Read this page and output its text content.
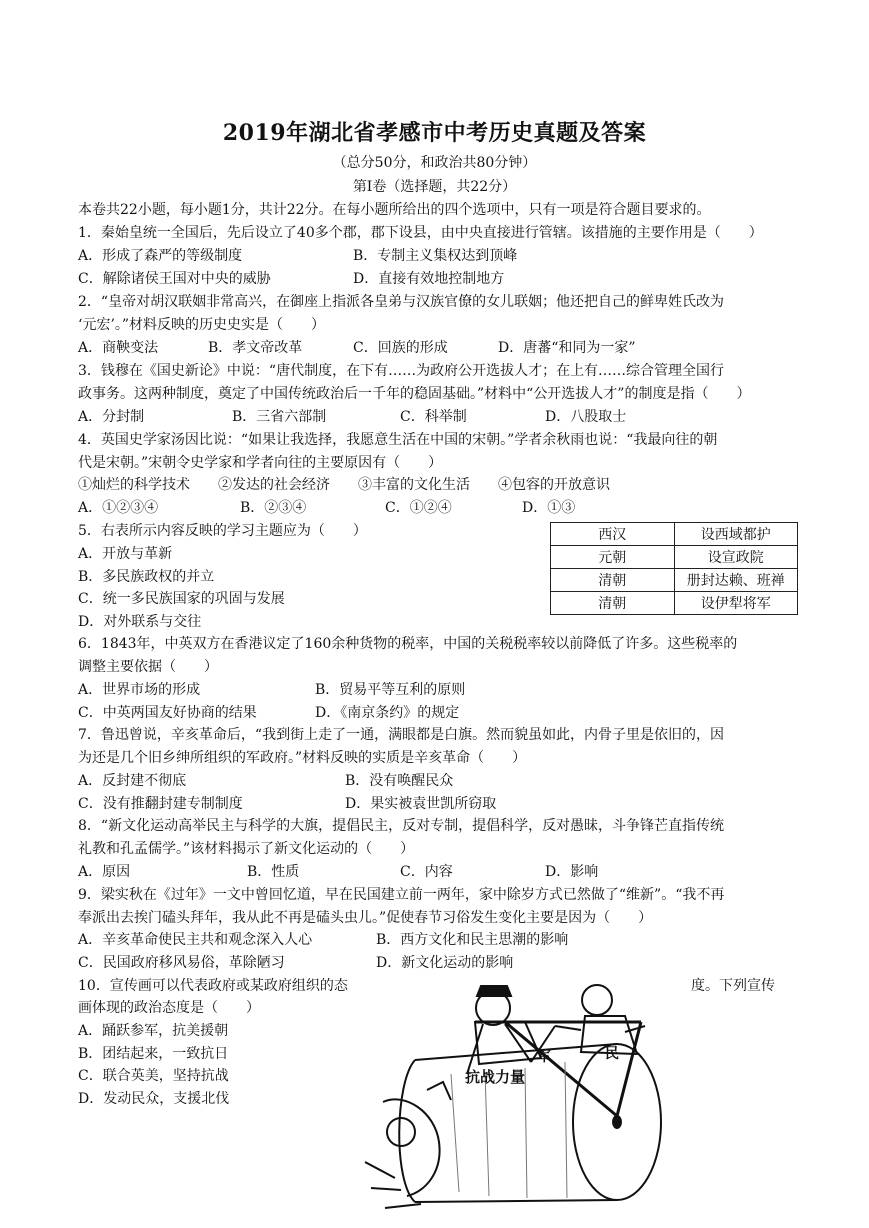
2019年湖北省孝感市中考历史真题及答案
（总分50分，和政治共80分钟）
第Ⅰ卷（选择题，共22分）
本卷共22小题，每小题1分，共计22分。在每小题所给出的四个选项中，只有一项是符合题目要求的。
1．秦始皇统一全国后，先后设立了40多个郡，郡下设县，由中央直接进行管辖。该措施的主要作用是（　　）
A．形成了森严的等级制度	B．专制主义集权达到顶峰
C．解除诸侯王国对中央的威胁	D．直接有效地控制地方
2．“皇帝对胡汉联姻非常高兴，在御座上指派各皇弟与汉族官僚的女儿联姻；他还把自己的鲜卑姓氏改为
‘元宏’。”材料反映的历史史实是（　　）
A．商鞅变法	B．孝文帝改革	C．回族的形成	D．唐蕃“和同为一家”
3．钱穆在《国史新论》中说：“唐代制度，在下有……为政府公开选拔人才；在上有……综合管理全国行
政事务。这两种制度，奠定了中国传统政治后一千年的稳固基础。”材料中“公开选拔人才”的制度是指（　　）
A．分封制	B．三省六部制	C．科举制	D．八股取士
4．英国史学家汤因比说：“如果让我选择，我愿意生活在中国的宋朝。”学者余秋雨也说：“我最向往的朝
代是宋朝。”宋朝令史学家和学者向往的主要原因有（　　）
①灿烂的科学技术　　②发达的社会经济　　③丰富的文化生活　　④包容的开放意识
A．①②③④	B．②③④	C．①②④	D．①③
5．右表所示内容反映的学习主题应为（　　）
A．开放与革新
B．多民族政权的并立
C．统一多民族国家的巩固与发展
D．对外联系与交往
西汉	设西域都护
元朝	设宣政院
清朝	册封达赖、班禅
清朝	设伊犁将军
6．1843年，中英双方在香港议定了160余种货物的税率，中国的关税税率较以前降低了许多。这些税率的
调整主要依据（　　）
A．世界市场的形成	B．贸易平等互利的原则
C．中英两国友好协商的结果	D．《南京条约》的规定
7．鲁迅曾说，辛亥革命后，“我到街上走了一通，满眼都是白旗。然而貌虽如此，内骨子里是依旧的，因
为还是几个旧乡绅所组织的军政府。”材料反映的实质是辛亥革命（　　）
A．反封建不彻底	B．没有唤醒民众
C．没有推翻封建专制制度	D．果实被袁世凯所窃取
8．“新文化运动高举民主与科学的大旗，提倡民主，反对专制，提倡科学，反对愚昧，斗争锋芒直指传统
礼教和孔孟儒学。”该材料揭示了新文化运动的（　　）
A．原因	B．性质	C．内容	D．影响
9．梁实秋在《过年》一文中曾回忆道，早在民国建立前一两年，家中除岁方式已然做了“维新”。“我不再
奉派出去挨门磕头拜年，我从此不再是磕头虫儿。”促使春节习俗发生变化主要是因为（　　）
A．辛亥革命使民主共和观念深入人心	B．西方文化和民主思潮的影响
C．民国政府移风易俗，革除陋习	D．新文化运动的影响
10．宣传画可以代表政府或某政府组织的态	度。下列宣传
画体现的政治态度是（　　）
A．踊跃参军，抗美援朝
B．团结起来，一致抗日
C．联合英美，坚持抗战
D．发动民众，支援北伐
军	民
抗战力量
